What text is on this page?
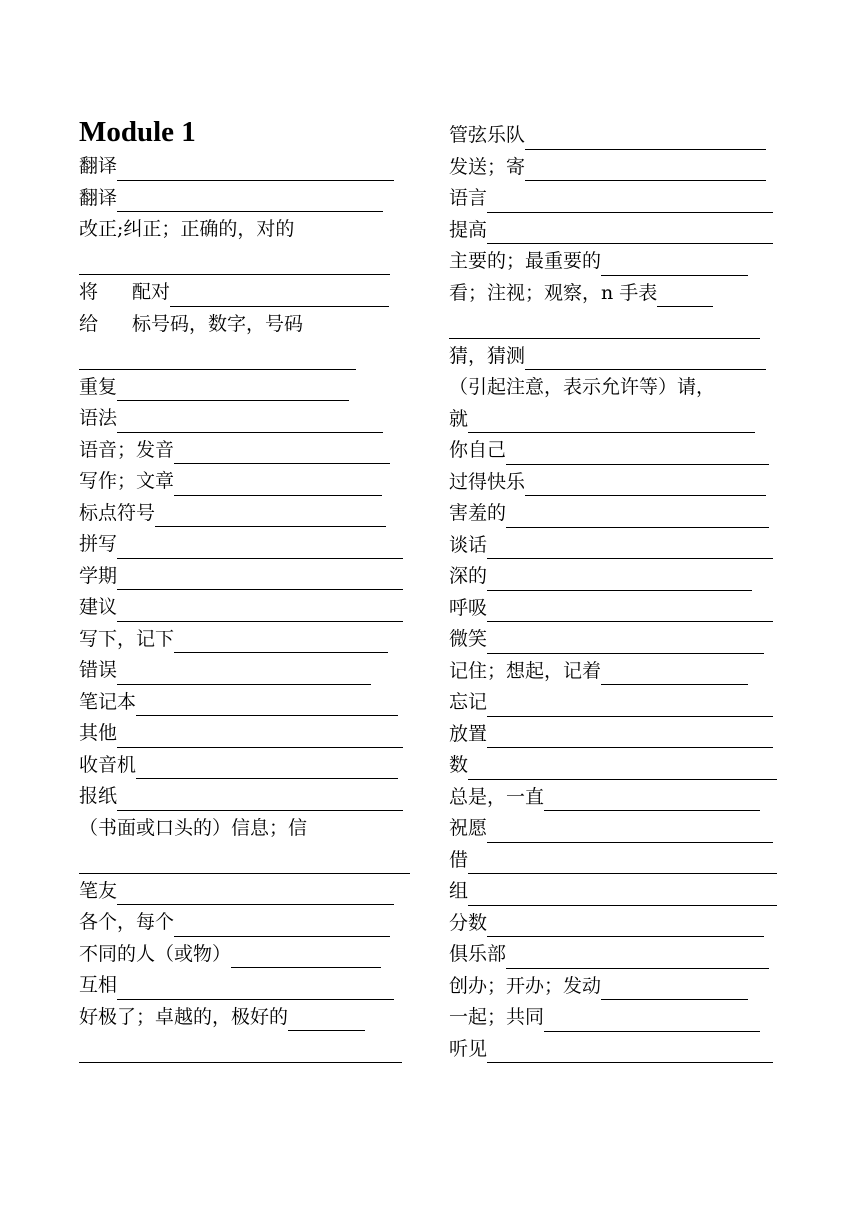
Module 1
翻译
翻译
改正;纠正；正确的，对的
将 配对
给 标号码，数字，号码
重复
语法
语音；发音
写作；文章
标点符号
拼写
学期
建议
写下，记下
错误
笔记本
其他
收音机
报纸
（书面或口头的）信息；信
笔友
各个，每个
不同的人（或物）
互相
好极了；卓越的，极好的
管弦乐队
发送；寄
语言
提高
主要的；最重要的
看；注视；观察，n 手表
猜，猜测
（引起注意，表示允许等）请，
就
你自己
过得快乐
害羞的
谈话
深的
呼吸
微笑
记住；想起，记着
忘记
放置
数
总是，一直
祝愿
借
组
分数
俱乐部
创办；开办；发动
一起；共同
听见
